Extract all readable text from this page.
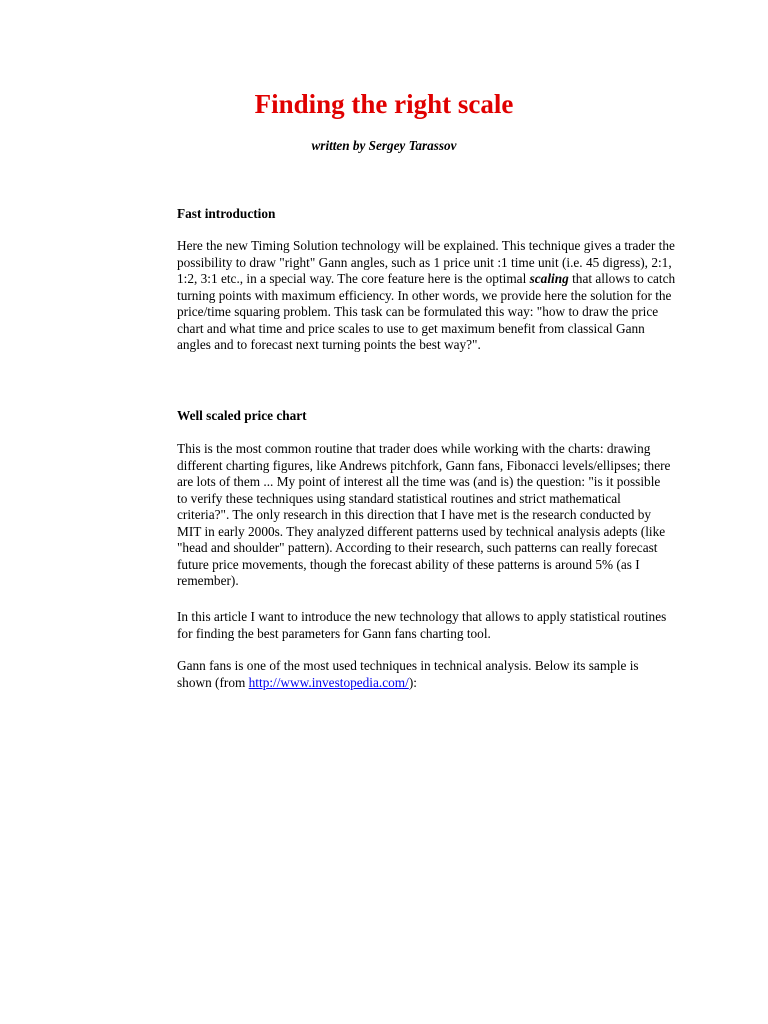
Finding the right scale

written by Sergey Tarassov

Fast introduction
Here the new Timing Solution technology will be explained. This technique gives a trader the
possibility to draw "right" Gann angles, such as 1 price unit :1 time unit (i.e. 45 digress), 2:1,
1:2, 3:1 etc., in a special way. The core feature here is the optimal scaling that allows to catch
turning points with maximum efficiency. In other words, we provide here the solution for the
price/time squaring problem. This task can be formulated this way: "how to draw the price
chart and what time and price scales to use to get maximum benefit from classical Gann
angles and to forecast next turning points the best way?".
Well scaled price chart
This is the most common routine that trader does while working with the charts: drawing
different charting figures, like Andrews pitchfork, Gann fans, Fibonacci levels/ellipses; there
are lots of them ... My point of interest all the time was (and is) the question: "is it possible
to verify these techniques using standard statistical routines and strict mathematical
criteria?". The only research in this direction that I have met is the research conducted by
MIT in early 2000s. They analyzed different patterns used by technical analysis adepts (like
"head and shoulder" pattern). According to their research, such patterns can really forecast
future price movements, though the forecast ability of these patterns is around 5% (as I
remember).
In this article I want to introduce the new technology that allows to apply statistical routines
for finding the best parameters for Gann fans charting tool.
Gann fans is one of the most used techniques in technical analysis. Below its sample is
shown (from http://www.investopedia.com/):
